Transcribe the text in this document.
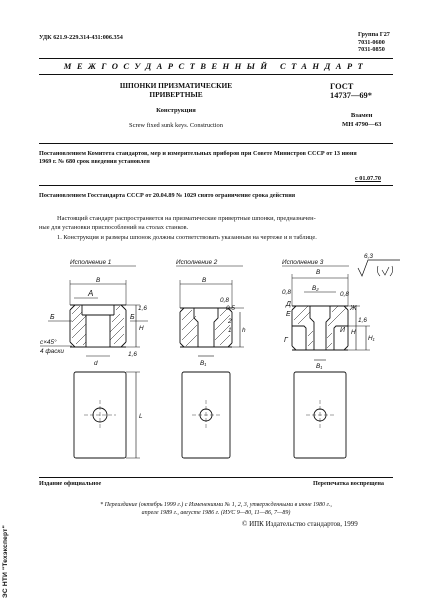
УДК 621.9-229.314-431:006.354	Группа Г27
7031-0600
7031-0850
МЕЖГОСУДАРСТВЕННЫЙ СТАНДАРТ
ШПОНКИ ПРИЗМАТИЧЕСКИЕ
ПРИВЕРТНЫЕ
Конструкция
Screw fixed sunk keys. Construction
ГОСТ
14737—69*
Взамен
МН 4790—63
Постановлением Комитета стандартов, мер и измерительных приборов при Совете Министров СССР от 13 июня
1969 г. № 680 срок введения установлен
с 01.07.70
Постановлением Госстандарта СССР от 20.04.89 № 1029 снято ограничение срока действия
Настоящий стандарт распространяется на призматические привертные шпонки, предназначен-
ные для установки приспособлений на столах станков.
1. Конструкция и размеры шпонок должны соответствовать указанным на чертеже и в таблице.
Исполнение 1	Исполнение 2	Исполнение 3
6,3
B
А
Б	Б
1,6
H
c×45°
4 фаски
d
1,6
B
0,8
0,5
2
1 h
B₁
B
B₂
0,8
Д
Е
Г
0,8
Ж
И H
H₁
1,6
B₁
L
Издание официальное	Перепечатка воспрещена
* Переиздание (октябрь 1999 г.) с Изменениями № 1, 2, 3, утвержденными в июне 1980 г.,
апреле 1989 г., августе 1986 г. (ИУС 9—80, 11—86, 7—89)
© ИПК Издательство стандартов, 1999
ЭС НТИ "Техэксперт"
